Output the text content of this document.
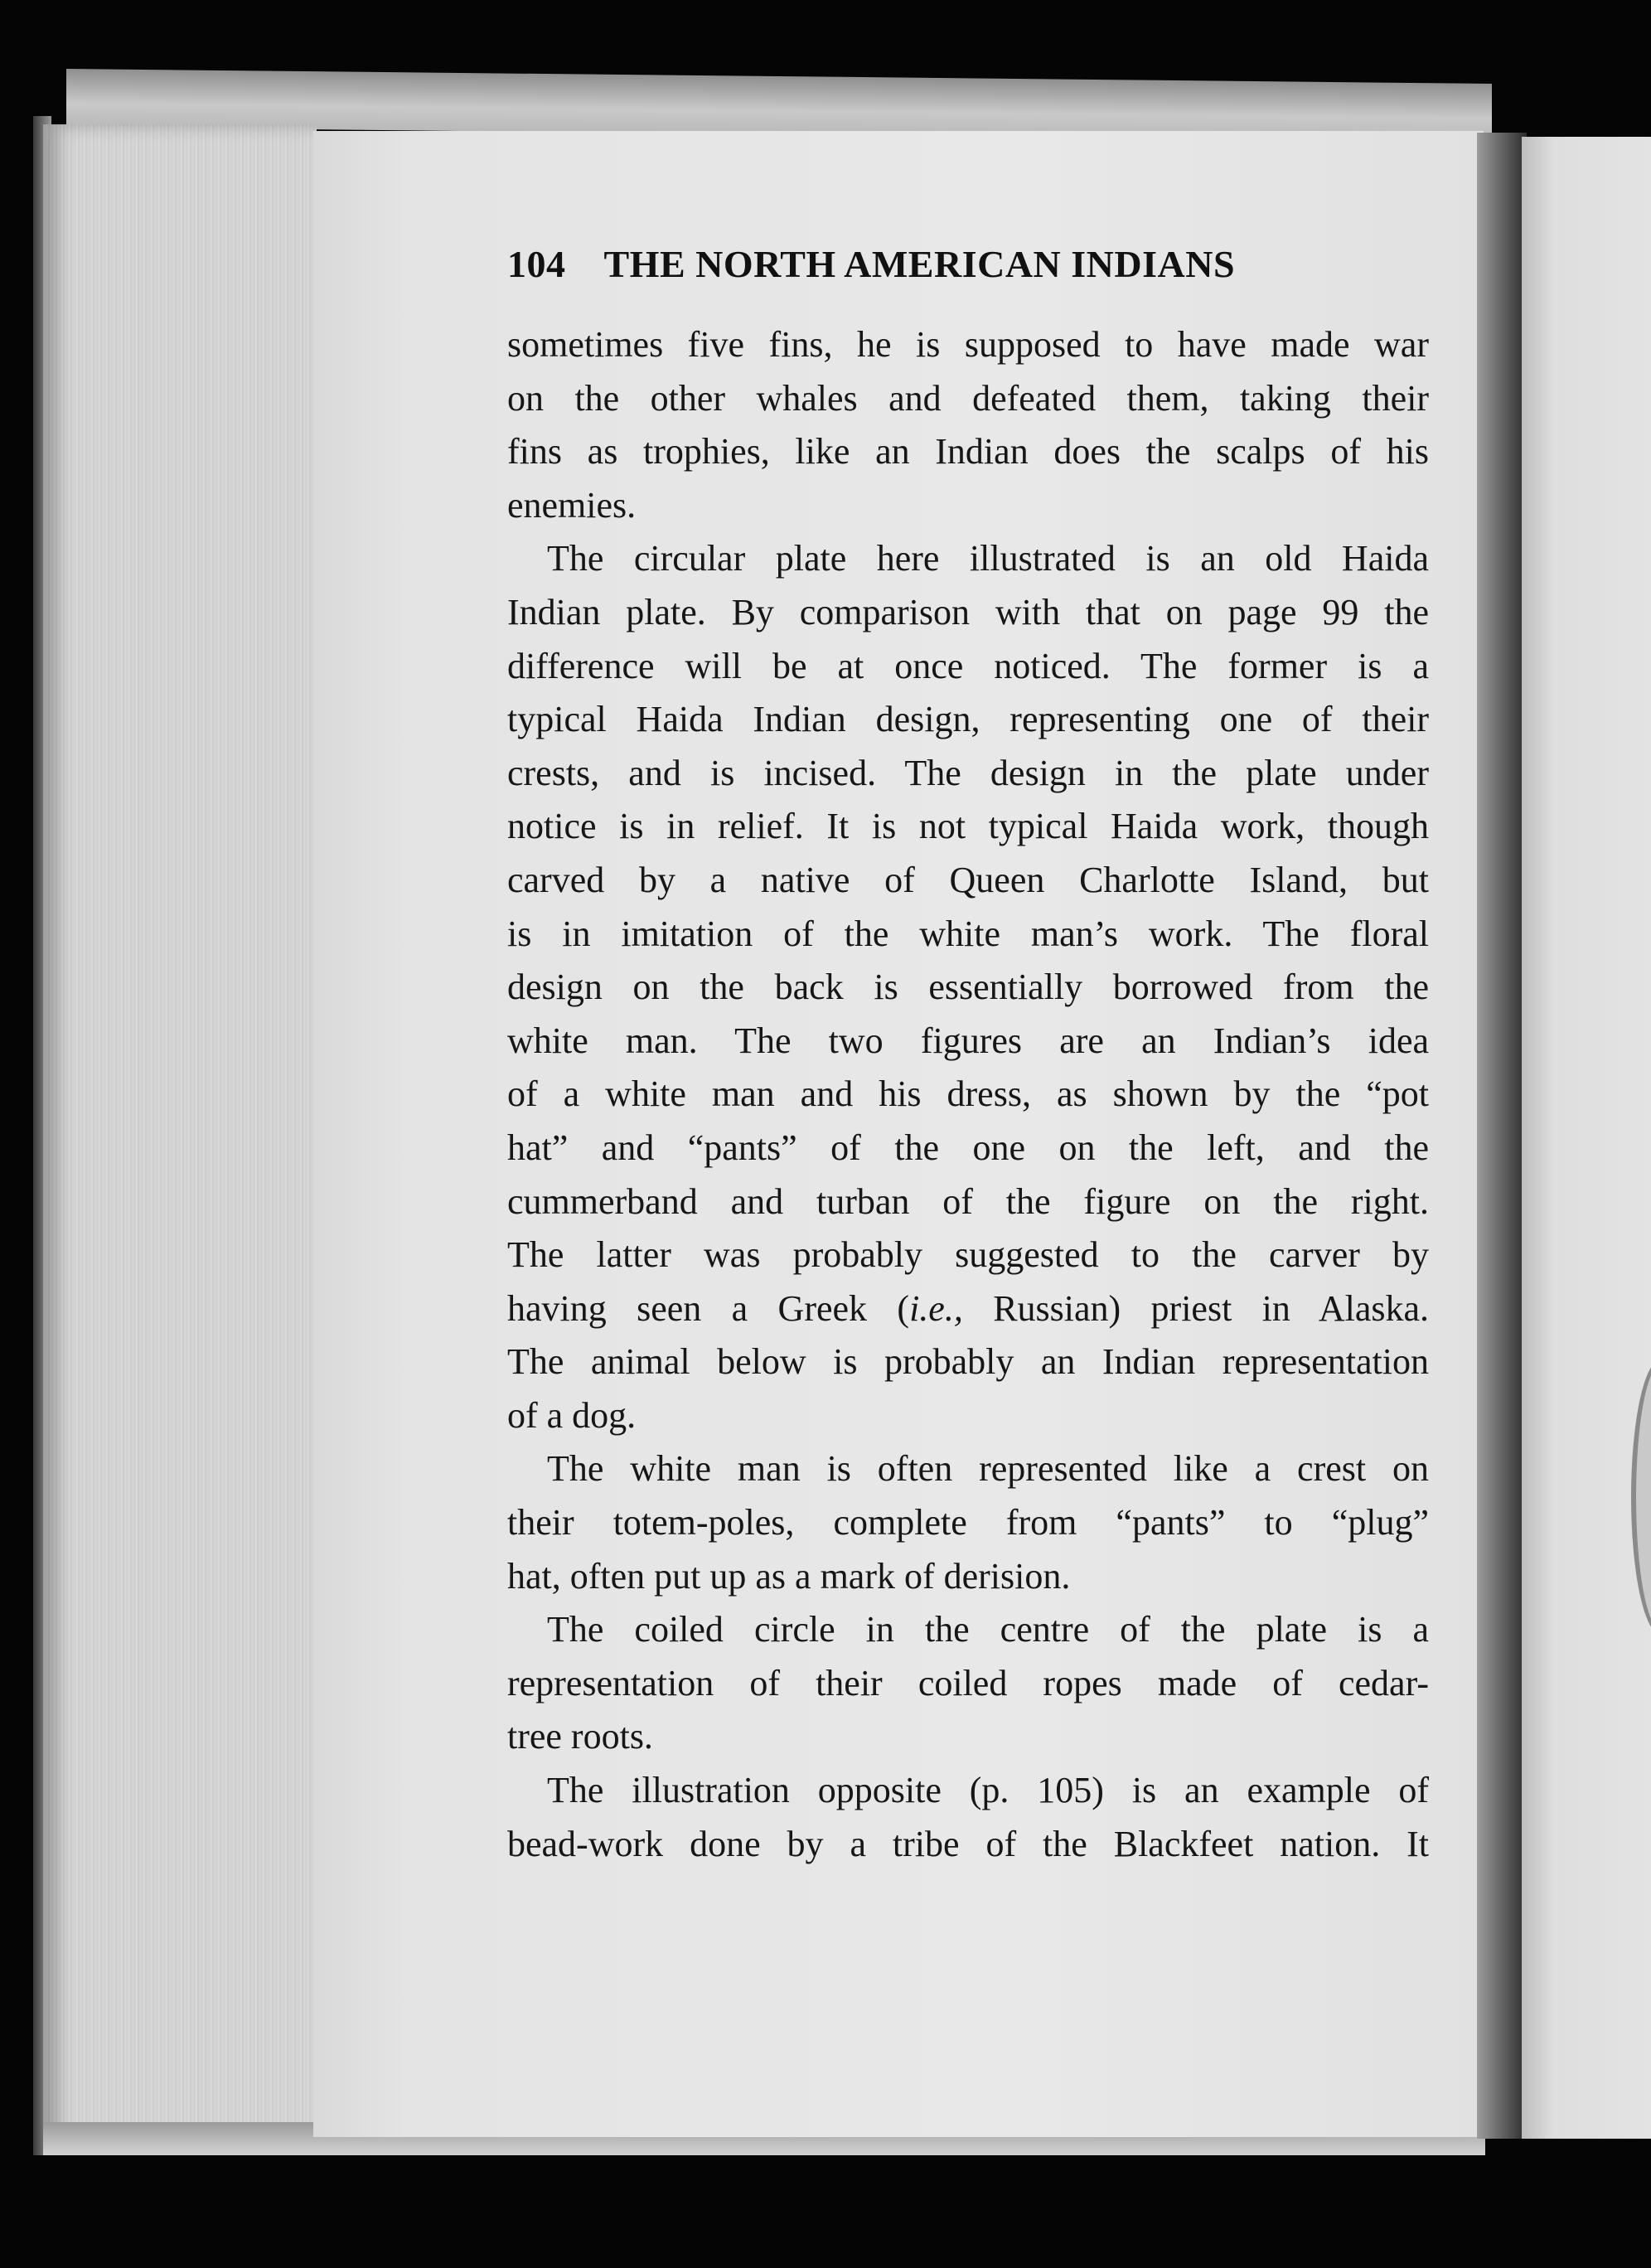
104 THE NORTH AMERICAN INDIANS
sometimes five fins, he is supposed to have made war
on the other whales and defeated them, taking their
fins as trophies, like an Indian does the scalps of his
enemies.
The circular plate here illustrated is an old Haida
Indian plate. By comparison with that on page 99 the
difference will be at once noticed. The former is a
typical Haida Indian design, representing one of their
crests, and is incised. The design in the plate under
notice is in relief. It is not typical Haida work, though
carved by a native of Queen Charlotte Island, but
is in imitation of the white man’s work. The floral
design on the back is essentially borrowed from the
white man. The two figures are an Indian’s idea
of a white man and his dress, as shown by the “pot
hat” and “pants” of the one on the left, and the
cummerband and turban of the figure on the right.
The latter was probably suggested to the carver by
having seen a Greek (i.e., Russian) priest in Alaska.
The animal below is probably an Indian representation
of a dog.
The white man is often represented like a crest on
their totem-poles, complete from “pants” to “plug”
hat, often put up as a mark of derision.
The coiled circle in the centre of the plate is a
representation of their coiled ropes made of cedar-
tree roots.
The illustration opposite (p. 105) is an example of
bead-work done by a tribe of the Blackfeet nation. It
